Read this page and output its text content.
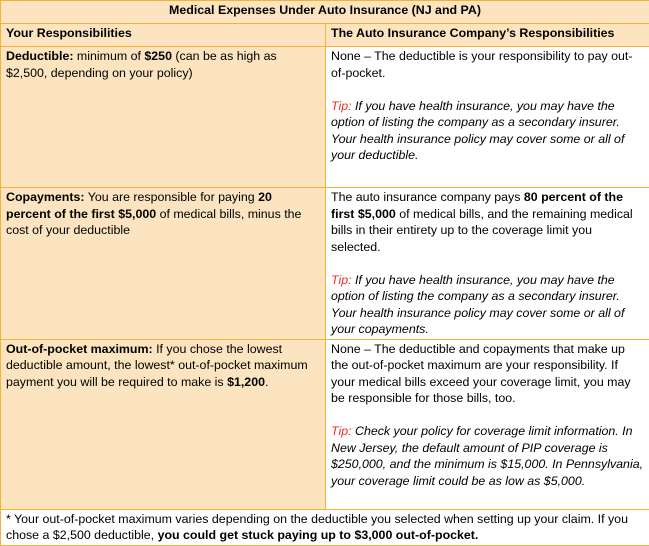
Medical Expenses Under Auto Insurance (NJ and PA)	
Your Responsibilities	The Auto Insurance Company’s Responsibilities
Deductible: minimum of $250 (can be as high as $2,500, depending on your policy)	None – The deductible is your responsibility to pay out-of-pocket.
Tip: If you have health insurance, you may have the option of listing the company as a secondary insurer. Your health insurance policy may cover some or all of your deductible.

Copayments: You are responsible for paying 20 percent of the first $5,000 of medical bills, minus the cost of your deductible	The auto insurance company pays 80 percent of the first $5,000 of medical bills, and the remaining medical bills in their entirety up to the coverage limit you selected.
Tip: If you have health insurance, you may have the option of listing the company as a secondary insurer. Your health insurance policy may cover some or all of your copayments.

Out-of-pocket maximum: If you chose the lowest deductible amount, the lowest* out-of-pocket maximum payment you will be required to make is $1,200.	None – The deductible and copayments that make up the out-of-pocket maximum are your responsibility. If your medical bills exceed your coverage limit, you may be responsible for those bills, too.
Tip: Check your policy for coverage limit information. In New Jersey, the default amount of PIP coverage is $250,000, and the minimum is $15,000. In Pennsylvania, your coverage limit could be as low as $5,000.

* Your out-of-pocket maximum varies depending on the deductible you selected when setting up your claim. If you chose a $2,500 deductible, you could get stuck paying up to $3,000 out-of-pocket.	
